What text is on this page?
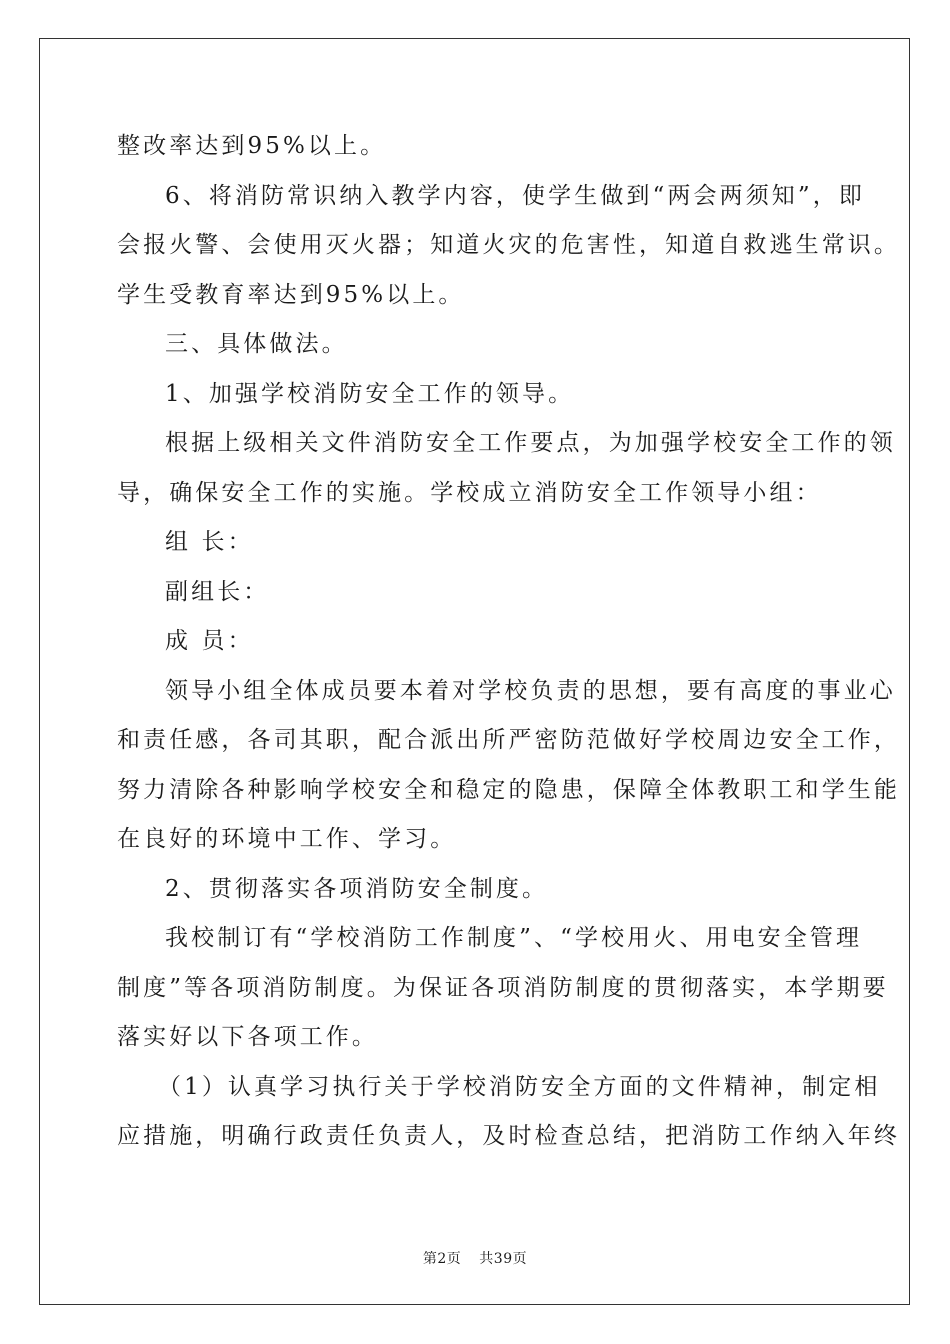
整改率达到95%以上。
6、将消防常识纳入教学内容，使学生做到“两会两须知”，即
会报火警、会使用灭火器；知道火灾的危害性，知道自救逃生常识。
学生受教育率达到95%以上。
三、具体做法。
1、加强学校消防安全工作的领导。
根据上级相关文件消防安全工作要点，为加强学校安全工作的领
导，确保安全工作的实施。学校成立消防安全工作领导小组：
组 长：
副组长：
成 员：
领导小组全体成员要本着对学校负责的思想，要有高度的事业心
和责任感，各司其职，配合派出所严密防范做好学校周边安全工作，
努力清除各种影响学校安全和稳定的隐患，保障全体教职工和学生能
在良好的环境中工作、学习。
2、贯彻落实各项消防安全制度。
我校制订有“学校消防工作制度”、“学校用火、用电安全管理
制度”等各项消防制度。为保证各项消防制度的贯彻落实，本学期要
落实好以下各项工作。
（1）认真学习执行关于学校消防安全方面的文件精神，制定相
应措施，明确行政责任负责人，及时检查总结，把消防工作纳入年终
第2页 共39页
